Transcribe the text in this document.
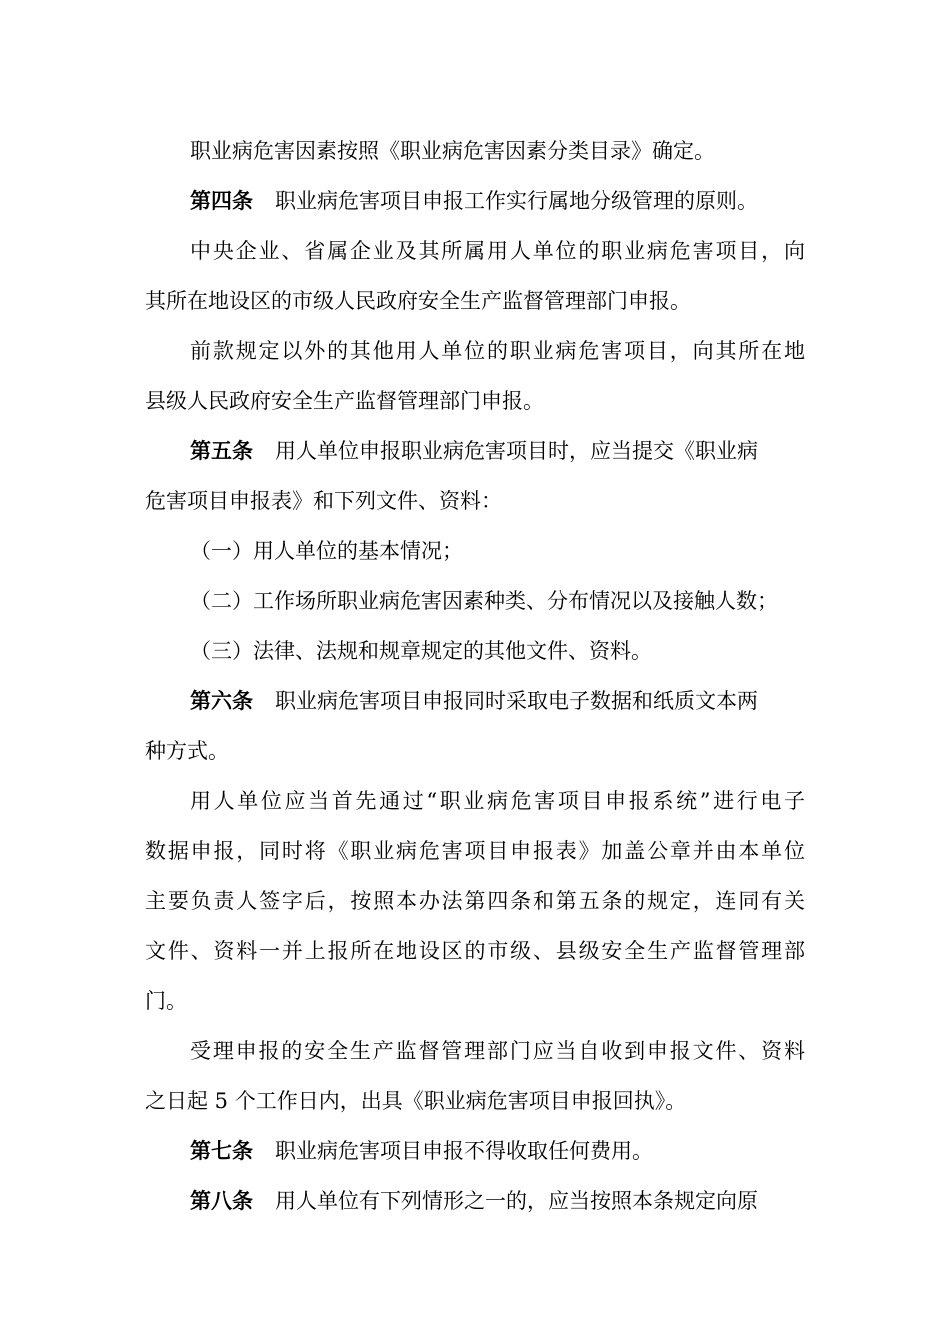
职业病危害因素按照《职业病危害因素分类目录》确定。
第四条 职业病危害项目申报工作实行属地分级管理的原则。
中央企业、省属企业及其所属用人单位的职业病危害项目，向
其所在地设区的市级人民政府安全生产监督管理部门申报。
前款规定以外的其他用人单位的职业病危害项目，向其所在地
县级人民政府安全生产监督管理部门申报。
第五条 用人单位申报职业病危害项目时，应当提交《职业病
危害项目申报表》和下列文件、资料：
（一）用人单位的基本情况；
（二）工作场所职业病危害因素种类、分布情况以及接触人数；
（三）法律、法规和规章规定的其他文件、资料。
第六条 职业病危害项目申报同时采取电子数据和纸质文本两
种方式。
用人单位应当首先通过“职业病危害项目申报系统”进行电子
数据申报，同时将《职业病危害项目申报表》加盖公章并由本单位
主要负责人签字后，按照本办法第四条和第五条的规定，连同有关
文件、资料一并上报所在地设区的市级、县级安全生产监督管理部
门。
受理申报的安全生产监督管理部门应当自收到申报文件、资料
之日起 5 个工作日内，出具《职业病危害项目申报回执》。
第七条 职业病危害项目申报不得收取任何费用。
第八条 用人单位有下列情形之一的，应当按照本条规定向原
